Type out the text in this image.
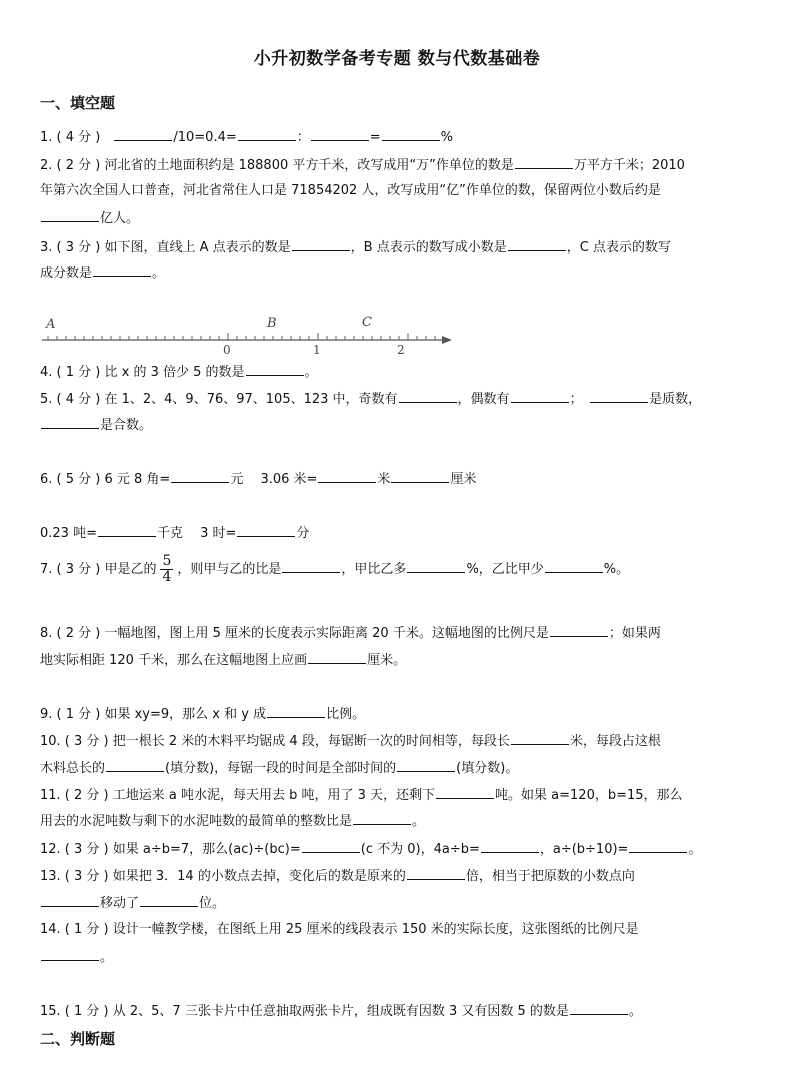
小升初数学备考专题 数与代数基础卷
一、填空题
1. ( 4 分 )　	/10=0.4=	：	=	%
2. ( 2 分 ) 河北省的土地面积约是 188800 平方千米，改写成用“万”作单位的数是	万平方千米；2010
年第六次全国人口普查，河北省常住人口是 71854202 人，改写成用“亿”作单位的数，保留两位小数后约是
亿人。
3. ( 3 分 ) 如下图，直线上 A 点表示的数是	，B 点表示的数写成小数是	，C 点表示的数写
成分数是	。
A	B	C
0	1	2
4. ( 1 分 ) 比 x 的 3 倍少 5 的数是	。
5. ( 4 分 ) 在 1、2、4、9、76、97、105、123 中，奇数有	，偶数有	；　	是质数，
是合数。
6. ( 5 分 ) 6 元 8 角=	元　 3.06 米=	米	厘米
0.23 吨=	千克　 3 时=	分
7. ( 3 分 ) 甲是乙的 $\frac{5}{4}$ ，则甲与乙的比是	，甲比乙多	%，乙比甲少	%。
8. ( 2 分 ) 一幅地图，图上用 5 厘米的长度表示实际距离 20 千米。这幅地图的比例尺是	；如果两
地实际相距 120 千米，那么在这幅地图上应画	厘米。
9. ( 1 分 ) 如果 xy=9，那么 x 和 y 成	比例。
10. ( 3 分 ) 把一根长 2 米的木料平均锯成 4 段，每锯断一次的时间相等，每段长	米，每段占这根
木料总长的	(填分数)，每锯一段的时间是全部时间的	(填分数)。
11. ( 2 分 ) 工地运来 a 吨水泥，每天用去 b 吨，用了 3 天，还剩下	吨。如果 a=120，b=15，那么
用去的水泥吨数与剩下的水泥吨数的最简单的整数比是	。
12. ( 3 分 ) 如果 a÷b=7，那么(ac)÷(bc)=	(c 不为 0)，4a÷b=	，a÷(b÷10)=	。
13. ( 3 分 ) 如果把 3．14 的小数点去掉，变化后的数是原来的	倍，相当于把原数的小数点向
移动了	位。
14. ( 1 分 ) 设计一幢教学楼，在图纸上用 25 厘米的线段表示 150 米的实际长度，这张图纸的比例尺是
。
15. ( 1 分 ) 从 2、5、7 三张卡片中任意抽取两张卡片，组成既有因数 3 又有因数 5 的数是	。
二、判断题
